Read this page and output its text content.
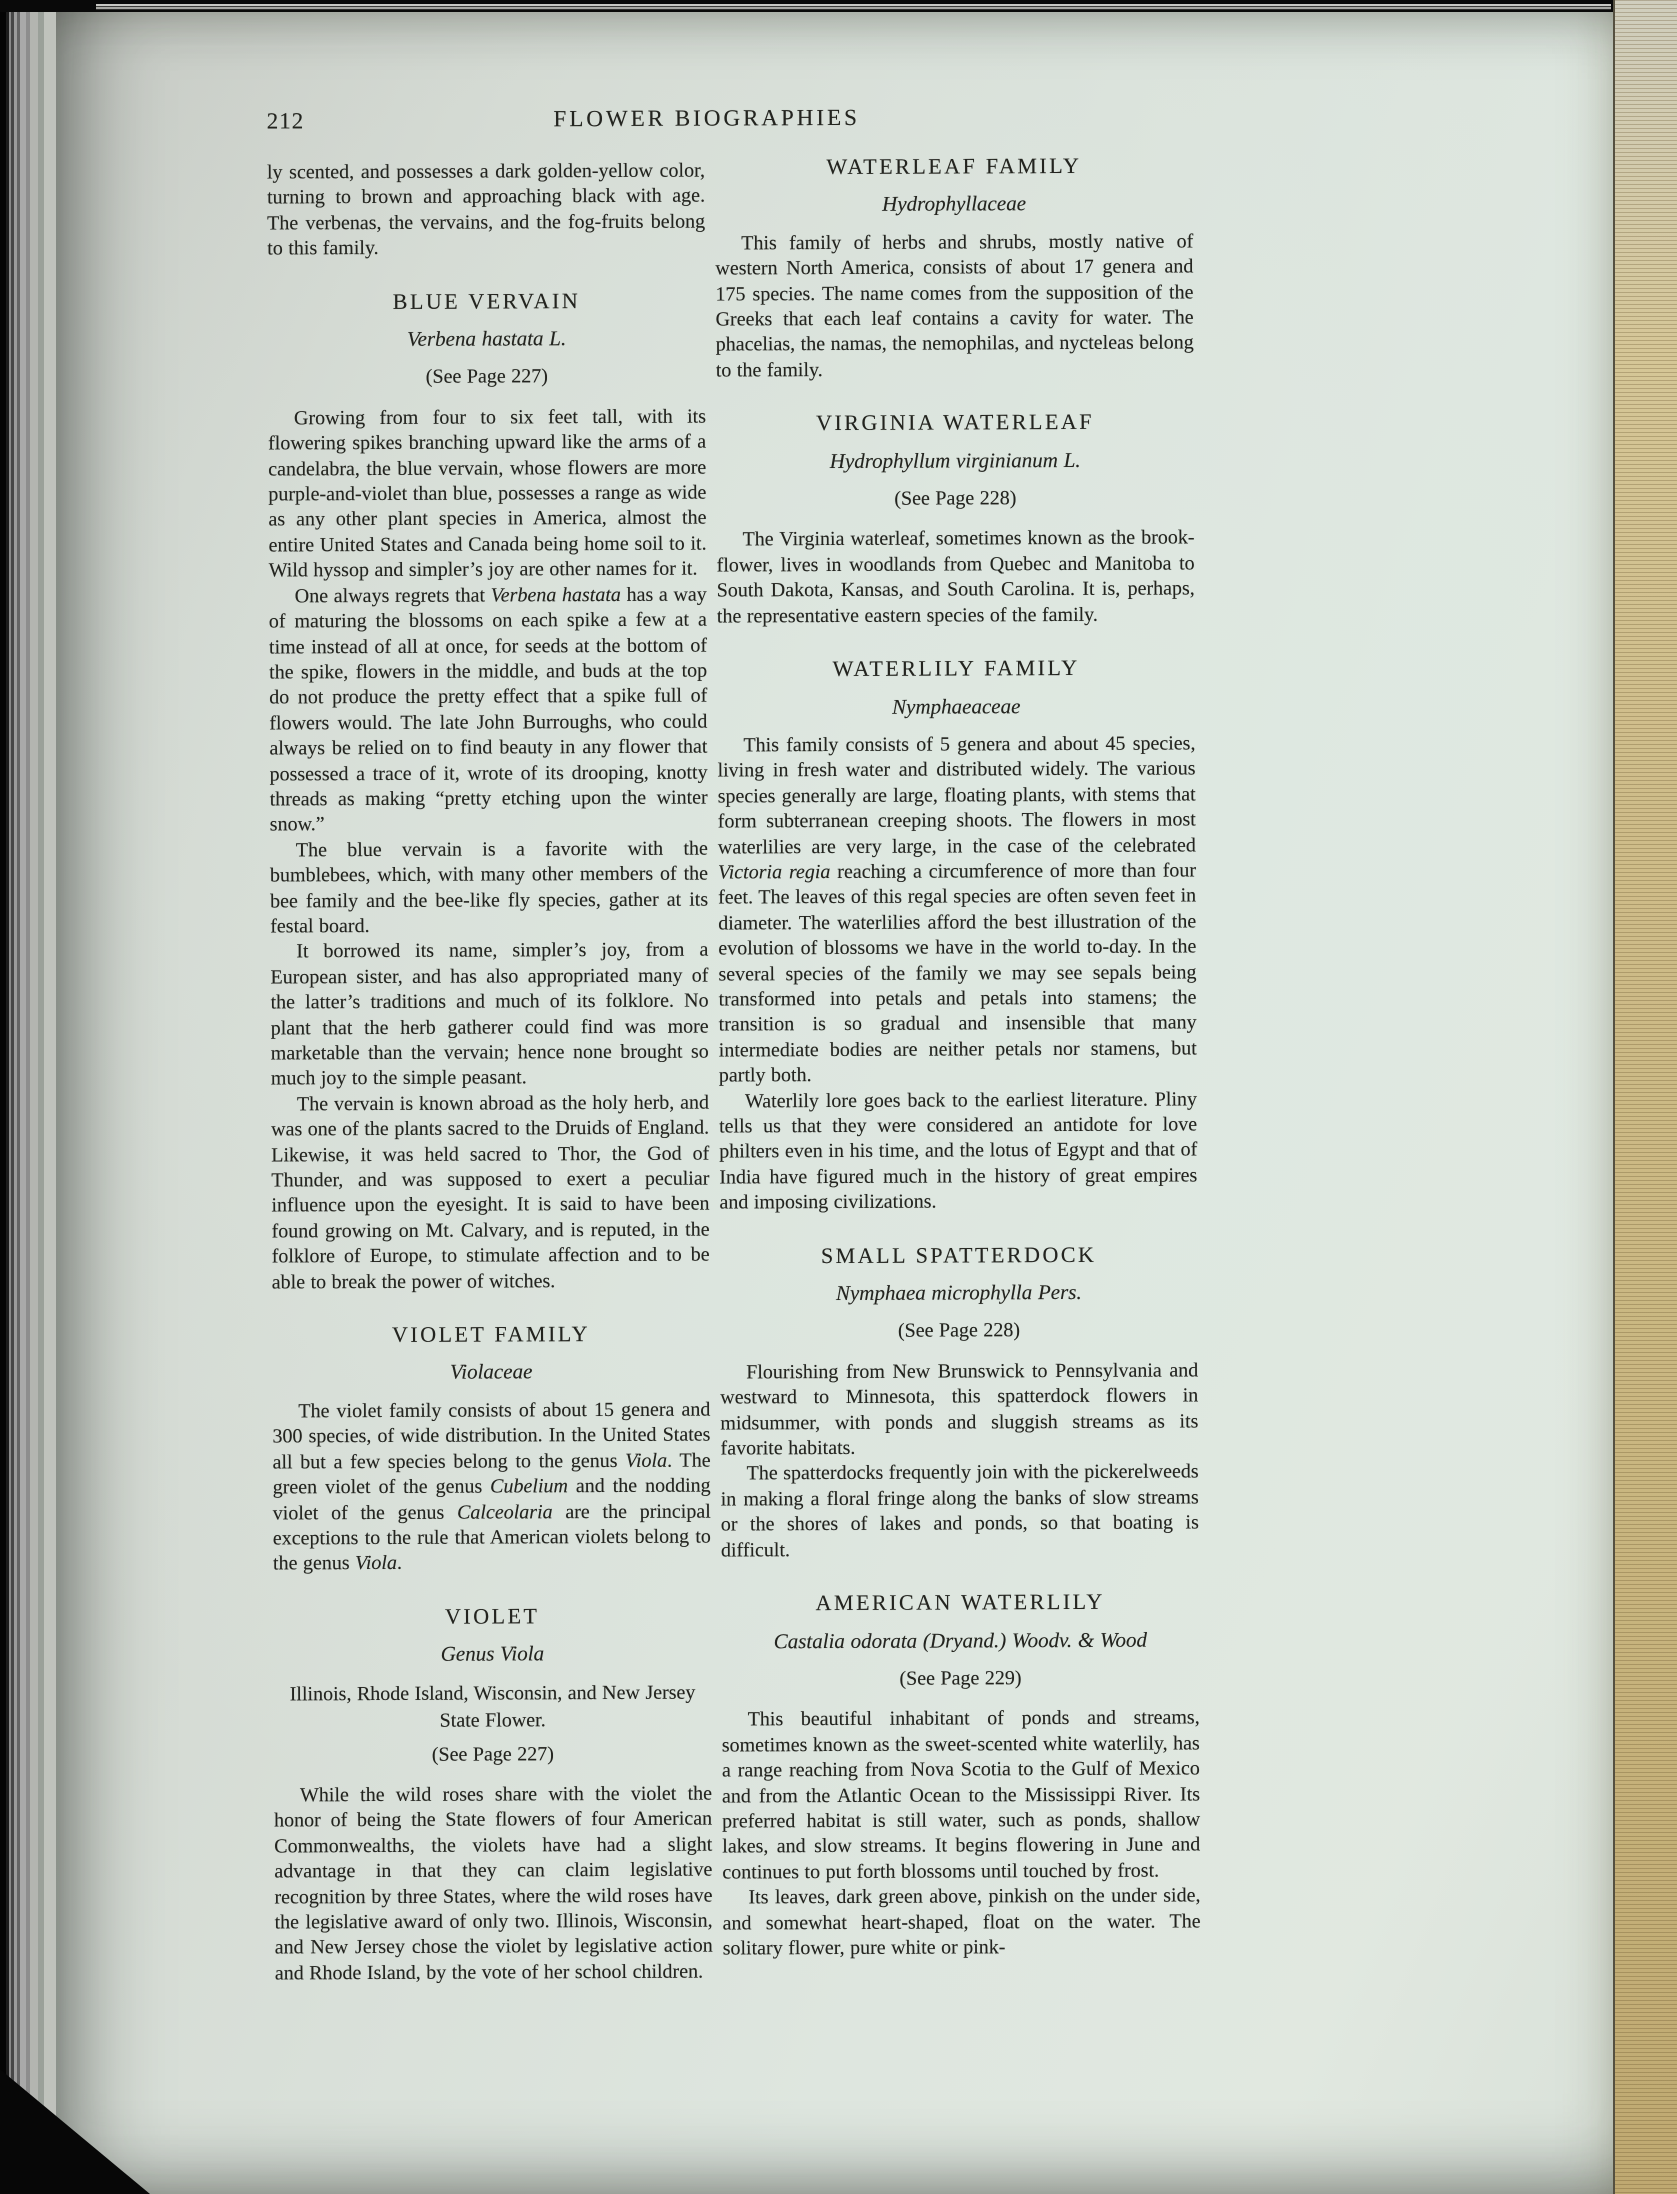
212	FLOWER BIOGRAPHIES

ly scented, and possesses a dark golden-yellow color, turning to brown and approaching black with age. The verbenas, the vervains, and the fog-fruits belong to this family.

BLUE VERVAIN
Verbena hastata L.
(See Page 227)

Growing from four to six feet tall, with its flowering spikes branching upward like the arms of a candelabra, the blue vervain, whose flowers are more purple-and-violet than blue, possesses a range as wide as any other plant species in America, almost the entire United States and Canada being home soil to it. Wild hyssop and simpler’s joy are other names for it.

One always regrets that Verbena hastata has a way of maturing the blossoms on each spike a few at a time instead of all at once, for seeds at the bottom of the spike, flowers in the middle, and buds at the top do not produce the pretty effect that a spike full of flowers would. The late John Burroughs, who could always be relied on to find beauty in any flower that possessed a trace of it, wrote of its drooping, knotty threads as making “pretty etching upon the winter snow.”

The blue vervain is a favorite with the bumblebees, which, with many other members of the bee family and the bee-like fly species, gather at its festal board.

It borrowed its name, simpler’s joy, from a European sister, and has also appropriated many of the latter’s traditions and much of its folklore. No plant that the herb gatherer could find was more marketable than the vervain; hence none brought so much joy to the simple peasant.

The vervain is known abroad as the holy herb, and was one of the plants sacred to the Druids of England. Likewise, it was held sacred to Thor, the God of Thunder, and was supposed to exert a peculiar influence upon the eyesight. It is said to have been found growing on Mt. Calvary, and is reputed, in the folklore of Europe, to stimulate affection and to be able to break the power of witches.

VIOLET FAMILY
Violaceae

The violet family consists of about 15 genera and 300 species, of wide distribution. In the United States all but a few species belong to the genus Viola. The green violet of the genus Cubelium and the nodding violet of the genus Calceolaria are the principal exceptions to the rule that American violets belong to the genus Viola.

VIOLET
Genus Viola
Illinois, Rhode Island, Wisconsin, and New Jersey
State Flower.
(See Page 227)

While the wild roses share with the violet the honor of being the State flowers of four American Commonwealths, the violets have had a slight advantage in that they can claim legislative recognition by three States, where the wild roses have the legislative award of only two. Illinois, Wisconsin, and New Jersey chose the violet by legislative action and Rhode Island, by the vote of her school children.

WATERLEAF FAMILY
Hydrophyllaceae

This family of herbs and shrubs, mostly native of western North America, consists of about 17 genera and 175 species. The name comes from the supposition of the Greeks that each leaf contains a cavity for water. The phacelias, the namas, the nemophilas, and nycteleas belong to the family.

VIRGINIA WATERLEAF
Hydrophyllum virginianum L.
(See Page 228)

The Virginia waterleaf, sometimes known as the brook-flower, lives in woodlands from Quebec and Manitoba to South Dakota, Kansas, and South Carolina. It is, perhaps, the representative eastern species of the family.

WATERLILY FAMILY
Nymphaeaceae

This family consists of 5 genera and about 45 species, living in fresh water and distributed widely. The various species generally are large, floating plants, with stems that form subterranean creeping shoots. The flowers in most waterlilies are very large, in the case of the celebrated Victoria regia reaching a circumference of more than four feet. The leaves of this regal species are often seven feet in diameter. The waterlilies afford the best illustration of the evolution of blossoms we have in the world to-day. In the several species of the family we may see sepals being transformed into petals and petals into stamens; the transition is so gradual and insensible that many intermediate bodies are neither petals nor stamens, but partly both.

Waterlily lore goes back to the earliest literature. Pliny tells us that they were considered an antidote for love philters even in his time, and the lotus of Egypt and that of India have figured much in the history of great empires and imposing civilizations.

SMALL SPATTERDOCK
Nymphaea microphylla Pers.
(See Page 228)

Flourishing from New Brunswick to Pennsylvania and westward to Minnesota, this spatterdock flowers in midsummer, with ponds and sluggish streams as its favorite habitats.

The spatterdocks frequently join with the pickerelweeds in making a floral fringe along the banks of slow streams or the shores of lakes and ponds, so that boating is difficult.

AMERICAN WATERLILY
Castalia odorata (Dryand.) Woodv. & Wood
(See Page 229)

This beautiful inhabitant of ponds and streams, sometimes known as the sweet-scented white waterlily, has a range reaching from Nova Scotia to the Gulf of Mexico and from the Atlantic Ocean to the Mississippi River. Its preferred habitat is still water, such as ponds, shallow lakes, and slow streams. It begins flowering in June and continues to put forth blossoms until touched by frost.

Its leaves, dark green above, pinkish on the under side, and somewhat heart-shaped, float on the water. The solitary flower, pure white or pink-
